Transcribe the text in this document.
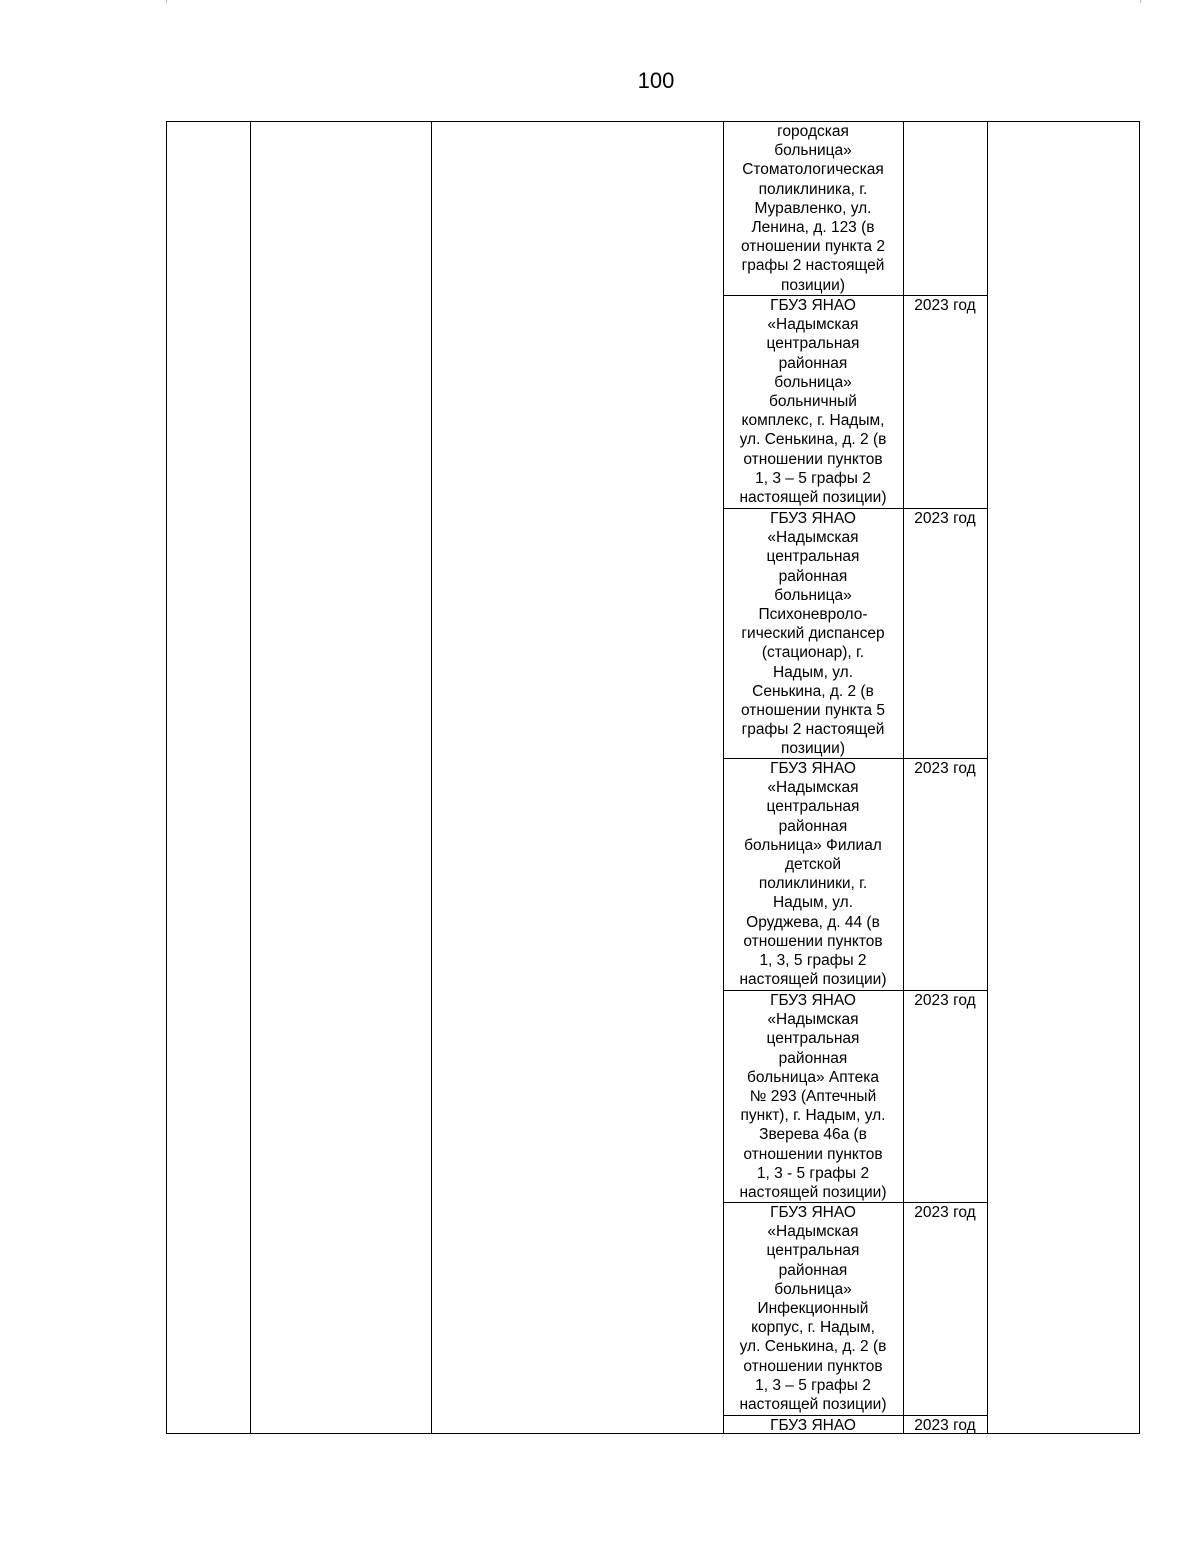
100
городская
больница»
Стоматологическая
поликлиника, г.
Муравленко, ул.
Ленина, д. 123 (в
отношении пункта 2
графы 2 настоящей
позиции)
ГБУЗ ЯНАО
«Надымская
центральная
районная
больница»
больничный
комплекс, г. Надым,
ул. Сенькина, д. 2 (в
отношении пунктов
1, 3 – 5 графы 2
настоящей позиции)
2023 год
ГБУЗ ЯНАО
«Надымская
центральная
районная
больница»
Психоневроло-
гический диспансер
(стационар), г.
Надым, ул.
Сенькина, д. 2 (в
отношении пункта 5
графы 2 настоящей
позиции)
2023 год
ГБУЗ ЯНАО
«Надымская
центральная
районная
больница» Филиал
детской
поликлиники, г.
Надым, ул.
Оруджева, д. 44 (в
отношении пунктов
1, 3, 5 графы 2
настоящей позиции)
2023 год
ГБУЗ ЯНАО
«Надымская
центральная
районная
больница» Аптека
№ 293 (Аптечный
пункт), г. Надым, ул.
Зверева 46а (в
отношении пунктов
1, 3 - 5 графы 2
настоящей позиции)
2023 год
ГБУЗ ЯНАО
«Надымская
центральная
районная
больница»
Инфекционный
корпус, г. Надым,
ул. Сенькина, д. 2 (в
отношении пунктов
1, 3 – 5 графы 2
настоящей позиции)
2023 год
ГБУЗ ЯНАО	2023 год
